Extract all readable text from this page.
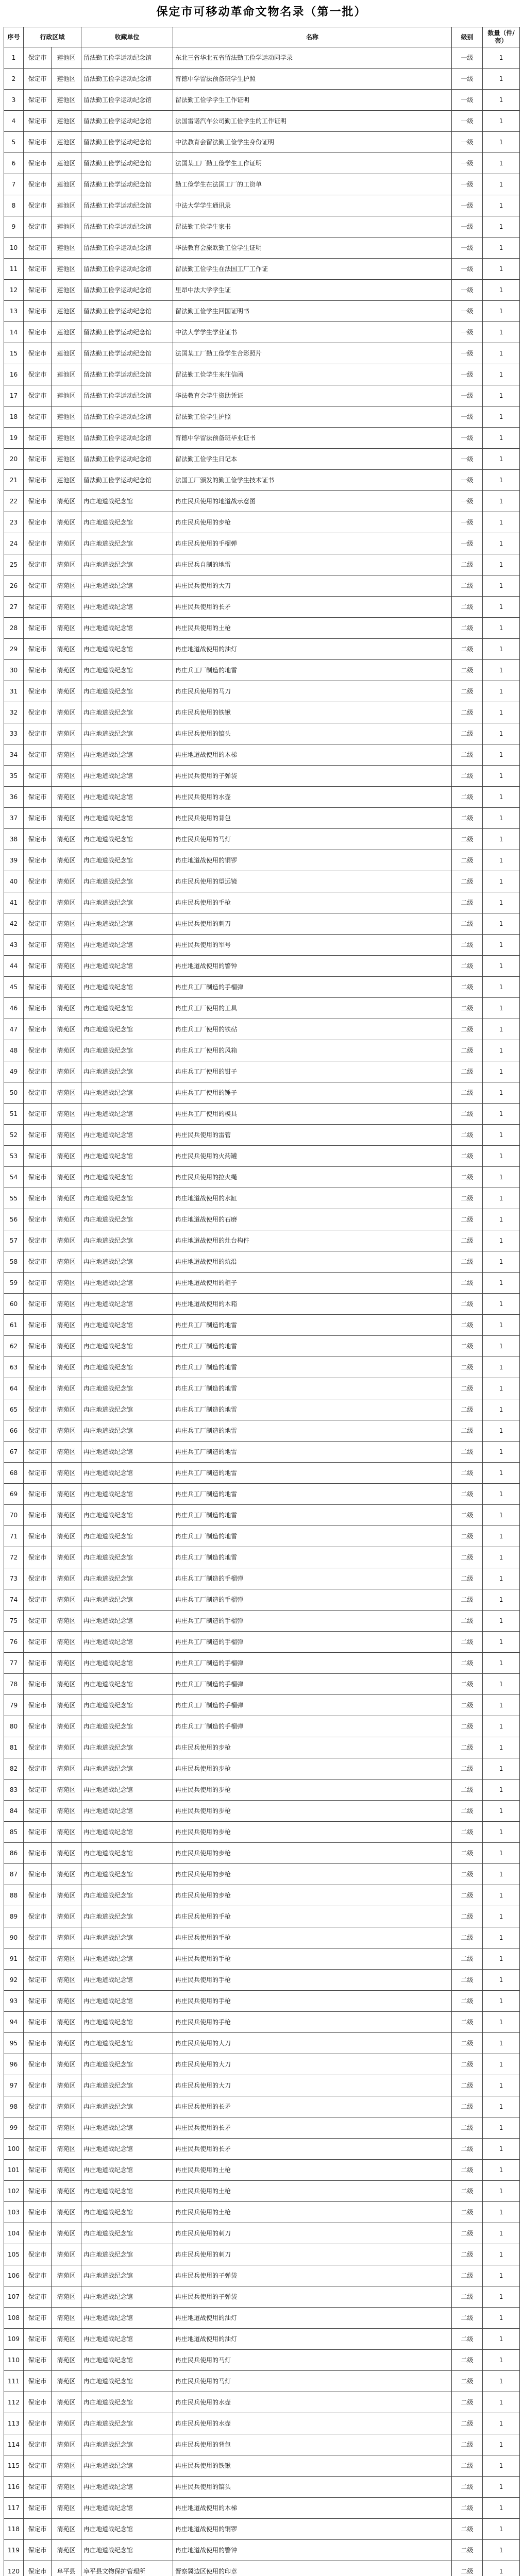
保定市可移动革命文物名录（第一批）
序号	行政区域		收藏单位	名称	级别	数量（件/套）
1	保定市	莲池区	留法勤工俭学运动纪念馆	东北三省华北五省留法勤工俭学运动同学录	一级	1
2	保定市	莲池区	留法勤工俭学运动纪念馆	育德中学留法预备班学生护照	一级	1
3	保定市	莲池区	留法勤工俭学运动纪念馆	留法勤工俭学学生工作证明	一级	1
4	保定市	莲池区	留法勤工俭学运动纪念馆	法国雷诺汽车公司勤工俭学生的工作证明	一级	1
5	保定市	莲池区	留法勤工俭学运动纪念馆	中法教育会留法勤工俭学生身份证明	一级	1
6	保定市	莲池区	留法勤工俭学运动纪念馆	法国某工厂勤工俭学生工作证明	一级	1
7	保定市	莲池区	留法勤工俭学运动纪念馆	勤工俭学生在法国工厂的工资单	一级	1
8	保定市	莲池区	留法勤工俭学运动纪念馆	中法大学学生通讯录	一级	1
9	保定市	莲池区	留法勤工俭学运动纪念馆	留法勤工俭学生家书	一级	1
10	保定市	莲池区	留法勤工俭学运动纪念馆	华法教育会旅欧勤工俭学生证明	一级	1
11	保定市	莲池区	留法勤工俭学运动纪念馆	留法勤工俭学生在法国工厂工作证	一级	1
12	保定市	莲池区	留法勤工俭学运动纪念馆	里昂中法大学学生证	一级	1
13	保定市	莲池区	留法勤工俭学运动纪念馆	留法勤工俭学生回国证明书	一级	1
14	保定市	莲池区	留法勤工俭学运动纪念馆	中法大学学生学业证书	一级	1
15	保定市	莲池区	留法勤工俭学运动纪念馆	法国某工厂勤工俭学生合影照片	一级	1
16	保定市	莲池区	留法勤工俭学运动纪念馆	留法勤工俭学生来往信函	一级	1
17	保定市	莲池区	留法勤工俭学运动纪念馆	华法教育会学生资助凭证	一级	1
18	保定市	莲池区	留法勤工俭学运动纪念馆	留法勤工俭学生护照	一级	1
19	保定市	莲池区	留法勤工俭学运动纪念馆	育德中学留法预备班毕业证书	一级	1
20	保定市	莲池区	留法勤工俭学运动纪念馆	留法勤工俭学生日记本	一级	1
21	保定市	莲池区	留法勤工俭学运动纪念馆	法国工厂颁发的勤工俭学生技术证书	一级	1
22	保定市	清苑区	冉庄地道战纪念馆	冉庄民兵使用的地道战示意图	一级	1
23	保定市	清苑区	冉庄地道战纪念馆	冉庄民兵使用的步枪	一级	1
24	保定市	清苑区	冉庄地道战纪念馆	冉庄民兵使用的手榴弹	一级	1
25	保定市	清苑区	冉庄地道战纪念馆	冉庄民兵自制的地雷	二级	1
26	保定市	清苑区	冉庄地道战纪念馆	冉庄民兵使用的大刀	二级	1
27	保定市	清苑区	冉庄地道战纪念馆	冉庄民兵使用的长矛	二级	1
28	保定市	清苑区	冉庄地道战纪念馆	冉庄民兵使用的土枪	二级	1
29	保定市	清苑区	冉庄地道战纪念馆	冉庄地道战使用的油灯	二级	1
30	保定市	清苑区	冉庄地道战纪念馆	冉庄兵工厂制造的地雷	二级	1
31	保定市	清苑区	冉庄地道战纪念馆	冉庄民兵使用的马刀	二级	1
32	保定市	清苑区	冉庄地道战纪念馆	冉庄民兵使用的铁锹	二级	1
33	保定市	清苑区	冉庄地道战纪念馆	冉庄民兵使用的镐头	二级	1
34	保定市	清苑区	冉庄地道战纪念馆	冉庄地道战使用的木梯	二级	1
35	保定市	清苑区	冉庄地道战纪念馆	冉庄民兵使用的子弹袋	二级	1
36	保定市	清苑区	冉庄地道战纪念馆	冉庄民兵使用的水壶	二级	1
37	保定市	清苑区	冉庄地道战纪念馆	冉庄民兵使用的背包	二级	1
38	保定市	清苑区	冉庄地道战纪念馆	冉庄民兵使用的马灯	二级	1
39	保定市	清苑区	冉庄地道战纪念馆	冉庄地道战使用的铜锣	二级	1
40	保定市	清苑区	冉庄地道战纪念馆	冉庄民兵使用的望远镜	二级	1
41	保定市	清苑区	冉庄地道战纪念馆	冉庄民兵使用的手枪	二级	1
42	保定市	清苑区	冉庄地道战纪念馆	冉庄民兵使用的刺刀	二级	1
43	保定市	清苑区	冉庄地道战纪念馆	冉庄民兵使用的军号	二级	1
44	保定市	清苑区	冉庄地道战纪念馆	冉庄地道战使用的警钟	二级	1
45	保定市	清苑区	冉庄地道战纪念馆	冉庄兵工厂制造的手榴弹	二级	1
46	保定市	清苑区	冉庄地道战纪念馆	冉庄兵工厂使用的工具	二级	1
47	保定市	清苑区	冉庄地道战纪念馆	冉庄兵工厂使用的铁砧	二级	1
48	保定市	清苑区	冉庄地道战纪念馆	冉庄兵工厂使用的风箱	二级	1
49	保定市	清苑区	冉庄地道战纪念馆	冉庄兵工厂使用的钳子	二级	1
50	保定市	清苑区	冉庄地道战纪念馆	冉庄兵工厂使用的锤子	二级	1
51	保定市	清苑区	冉庄地道战纪念馆	冉庄兵工厂使用的模具	二级	1
52	保定市	清苑区	冉庄地道战纪念馆	冉庄民兵使用的雷管	二级	1
53	保定市	清苑区	冉庄地道战纪念馆	冉庄民兵使用的火药罐	二级	1
54	保定市	清苑区	冉庄地道战纪念馆	冉庄民兵使用的拉火绳	二级	1
55	保定市	清苑区	冉庄地道战纪念馆	冉庄地道战使用的水缸	二级	1
56	保定市	清苑区	冉庄地道战纪念馆	冉庄地道战使用的石磨	二级	1
57	保定市	清苑区	冉庄地道战纪念馆	冉庄地道战使用的灶台构件	二级	1
58	保定市	清苑区	冉庄地道战纪念馆	冉庄地道战使用的炕沿	二级	1
59	保定市	清苑区	冉庄地道战纪念馆	冉庄地道战使用的柜子	二级	1
60	保定市	清苑区	冉庄地道战纪念馆	冉庄地道战使用的木箱	二级	1
61	保定市	清苑区	冉庄地道战纪念馆	冉庄兵工厂制造的地雷	二级	1
62	保定市	清苑区	冉庄地道战纪念馆	冉庄兵工厂制造的地雷	二级	1
63	保定市	清苑区	冉庄地道战纪念馆	冉庄兵工厂制造的地雷	二级	1
64	保定市	清苑区	冉庄地道战纪念馆	冉庄兵工厂制造的地雷	二级	1
65	保定市	清苑区	冉庄地道战纪念馆	冉庄兵工厂制造的地雷	二级	1
66	保定市	清苑区	冉庄地道战纪念馆	冉庄兵工厂制造的地雷	二级	1
67	保定市	清苑区	冉庄地道战纪念馆	冉庄兵工厂制造的地雷	二级	1
68	保定市	清苑区	冉庄地道战纪念馆	冉庄兵工厂制造的地雷	二级	1
69	保定市	清苑区	冉庄地道战纪念馆	冉庄兵工厂制造的地雷	二级	1
70	保定市	清苑区	冉庄地道战纪念馆	冉庄兵工厂制造的地雷	二级	1
71	保定市	清苑区	冉庄地道战纪念馆	冉庄兵工厂制造的地雷	二级	1
72	保定市	清苑区	冉庄地道战纪念馆	冉庄兵工厂制造的地雷	二级	1
73	保定市	清苑区	冉庄地道战纪念馆	冉庄兵工厂制造的手榴弹	二级	1
74	保定市	清苑区	冉庄地道战纪念馆	冉庄兵工厂制造的手榴弹	二级	1
75	保定市	清苑区	冉庄地道战纪念馆	冉庄兵工厂制造的手榴弹	二级	1
76	保定市	清苑区	冉庄地道战纪念馆	冉庄兵工厂制造的手榴弹	二级	1
77	保定市	清苑区	冉庄地道战纪念馆	冉庄兵工厂制造的手榴弹	二级	1
78	保定市	清苑区	冉庄地道战纪念馆	冉庄兵工厂制造的手榴弹	二级	1
79	保定市	清苑区	冉庄地道战纪念馆	冉庄兵工厂制造的手榴弹	二级	1
80	保定市	清苑区	冉庄地道战纪念馆	冉庄兵工厂制造的手榴弹	二级	1
81	保定市	清苑区	冉庄地道战纪念馆	冉庄民兵使用的步枪	二级	1
82	保定市	清苑区	冉庄地道战纪念馆	冉庄民兵使用的步枪	二级	1
83	保定市	清苑区	冉庄地道战纪念馆	冉庄民兵使用的步枪	二级	1
84	保定市	清苑区	冉庄地道战纪念馆	冉庄民兵使用的步枪	二级	1
85	保定市	清苑区	冉庄地道战纪念馆	冉庄民兵使用的步枪	二级	1
86	保定市	清苑区	冉庄地道战纪念馆	冉庄民兵使用的步枪	二级	1
87	保定市	清苑区	冉庄地道战纪念馆	冉庄民兵使用的步枪	二级	1
88	保定市	清苑区	冉庄地道战纪念馆	冉庄民兵使用的步枪	二级	1
89	保定市	清苑区	冉庄地道战纪念馆	冉庄民兵使用的手枪	二级	1
90	保定市	清苑区	冉庄地道战纪念馆	冉庄民兵使用的手枪	二级	1
91	保定市	清苑区	冉庄地道战纪念馆	冉庄民兵使用的手枪	二级	1
92	保定市	清苑区	冉庄地道战纪念馆	冉庄民兵使用的手枪	二级	1
93	保定市	清苑区	冉庄地道战纪念馆	冉庄民兵使用的手枪	二级	1
94	保定市	清苑区	冉庄地道战纪念馆	冉庄民兵使用的手枪	二级	1
95	保定市	清苑区	冉庄地道战纪念馆	冉庄民兵使用的大刀	二级	1
96	保定市	清苑区	冉庄地道战纪念馆	冉庄民兵使用的大刀	二级	1
97	保定市	清苑区	冉庄地道战纪念馆	冉庄民兵使用的大刀	二级	1
98	保定市	清苑区	冉庄地道战纪念馆	冉庄民兵使用的长矛	二级	1
99	保定市	清苑区	冉庄地道战纪念馆	冉庄民兵使用的长矛	二级	1
100	保定市	清苑区	冉庄地道战纪念馆	冉庄民兵使用的长矛	二级	1
101	保定市	清苑区	冉庄地道战纪念馆	冉庄民兵使用的土枪	二级	1
102	保定市	清苑区	冉庄地道战纪念馆	冉庄民兵使用的土枪	二级	1
103	保定市	清苑区	冉庄地道战纪念馆	冉庄民兵使用的土枪	二级	1
104	保定市	清苑区	冉庄地道战纪念馆	冉庄民兵使用的刺刀	二级	1
105	保定市	清苑区	冉庄地道战纪念馆	冉庄民兵使用的刺刀	二级	1
106	保定市	清苑区	冉庄地道战纪念馆	冉庄民兵使用的子弹袋	二级	1
107	保定市	清苑区	冉庄地道战纪念馆	冉庄民兵使用的子弹袋	二级	1
108	保定市	清苑区	冉庄地道战纪念馆	冉庄地道战使用的油灯	二级	1
109	保定市	清苑区	冉庄地道战纪念馆	冉庄地道战使用的油灯	二级	1
110	保定市	清苑区	冉庄地道战纪念馆	冉庄民兵使用的马灯	二级	1
111	保定市	清苑区	冉庄地道战纪念馆	冉庄民兵使用的马灯	二级	1
112	保定市	清苑区	冉庄地道战纪念馆	冉庄民兵使用的水壶	二级	1
113	保定市	清苑区	冉庄地道战纪念馆	冉庄民兵使用的水壶	二级	1
114	保定市	清苑区	冉庄地道战纪念馆	冉庄民兵使用的背包	二级	1
115	保定市	清苑区	冉庄地道战纪念馆	冉庄民兵使用的铁锹	二级	1
116	保定市	清苑区	冉庄地道战纪念馆	冉庄民兵使用的镐头	二级	1
117	保定市	清苑区	冉庄地道战纪念馆	冉庄地道战使用的木梯	二级	1
118	保定市	清苑区	冉庄地道战纪念馆	冉庄地道战使用的铜锣	二级	1
119	保定市	清苑区	冉庄地道战纪念馆	冉庄地道战使用的警钟	二级	1
120	保定市	阜平县	阜平县文物保护管理所	晋察冀边区使用的印章	二级	1
